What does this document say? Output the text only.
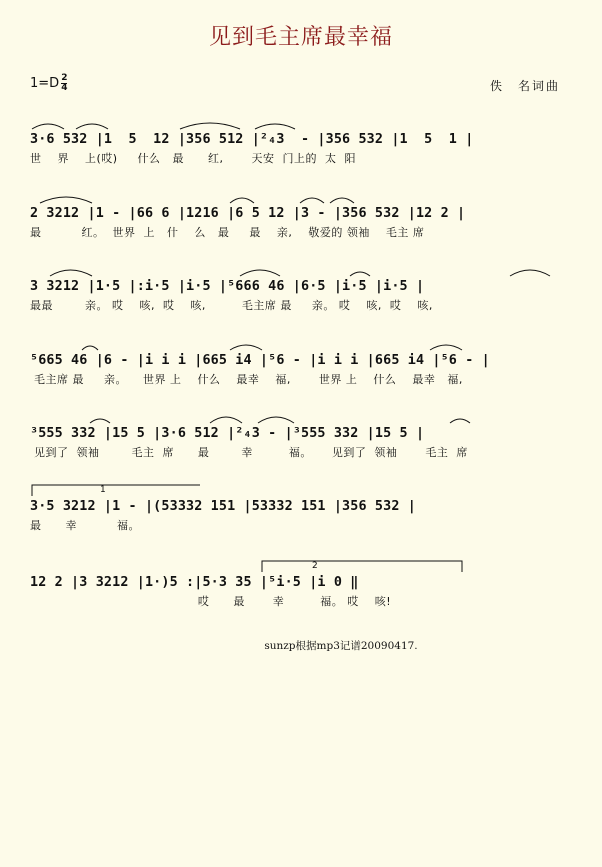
见到毛主席最幸福
$1=D \frac{2}{4}$	佚　名词曲
3·6 532 |1  5  12 |356 512 |²₄3  - |356 532 |1  5  1 |
世    界    上(哎)     什么   最      红,       天安  门上的  太  阳
2 3212 |1 - |66 6 |1216 |6 5 12 |3 - |356 532 |12 2 |
最          红。  世界  上   什    么   最     最    亲,    敬爱的 领袖    毛主 席
3 3212 |1·5 |:i·5 |i·5 |⁵666 46 |6·5 |i·5 |i·5 |
最最        亲。 哎    咳,  哎    咳,         毛主席 最     亲。 哎    咳,  哎    咳,
⁵665 46 |6 - |i i i |665 i4 |⁵6 - |i i i |665 i4 |⁵6 - |
毛主席 最     亲。    世界 上    什么    最幸    福,       世界 上    什么    最幸   福,
³555 332 |15 5 |3·6 512 |²₄3 - |³555 332 |15 5 |
见到了  领袖        毛主  席      最        幸         福。     见到了  领袖       毛主  席
1
3·5 3212 |1 - |(53332 151 |53332 151 |356 532 |
最      幸          福。
2
12 2 |3 3212 |1·)5 :|5·3 35 |⁵i·5 |i 0 ‖
哎      最       幸         福。 哎    咳!
sunzp根据mp3记谱20090417.
